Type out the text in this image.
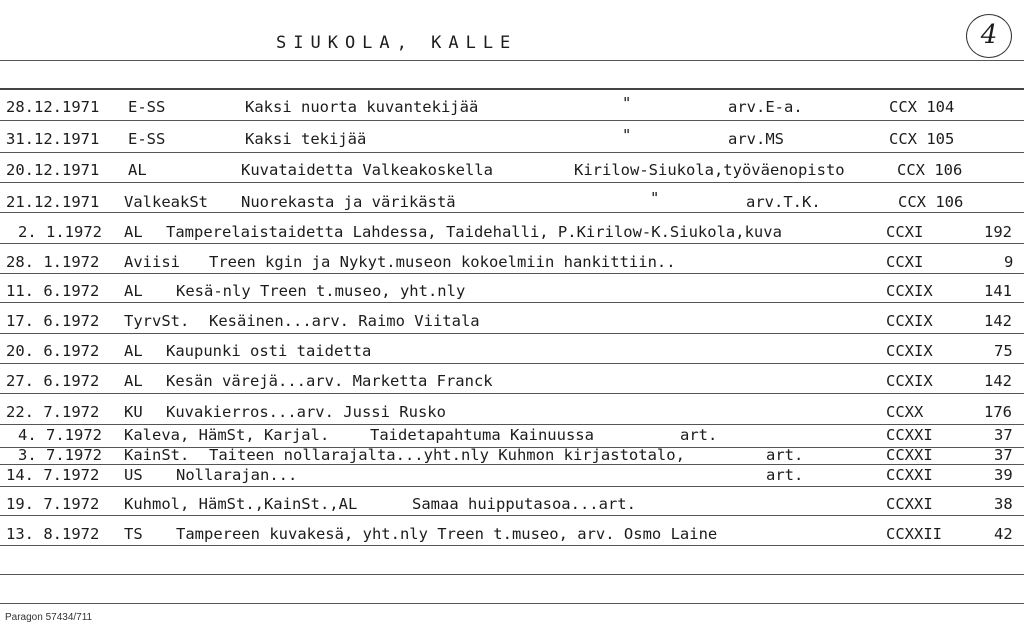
SIUKOLA, KALLE	4
28.12.1971 E-SS	Kaksi nuorta kuvantekijää	"	arv.E-a.	CCX 104
31.12.1971 E-SS	Kaksi tekijää	"	arv.MS	CCX 105
20.12.1971 AL	Kuvataidetta Valkeakoskella	Kirilow-Siukola,työväenopisto	CCX 106
21.12.1971 ValkeakSt Nuorekasta ja värikästä	"	arv.T.K.	CCX 106
2. 1.1972 AL Tamperelaistaidetta Lahdessa, Taidehalli, P.Kirilow-K.Siukola,kuva	CCXI	192
28. 1.1972 Aviisi Treen kgin ja Nykyt.museon kokoelmiin hankittiin..	CCXI	9
11. 6.1972 AL Kesä-nly Treen t.museo, yht.nly	CCXIX	141
17. 6.1972 TyrvSt. Kesäinen...arv. Raimo Viitala	CCXIX	142
20. 6.1972 AL Kaupunki osti taidetta	CCXIX	75
27. 6.1972 AL Kesän värejä...arv. Marketta Franck	CCXIX	142
22. 7.1972 KU Kuvakierros...arv. Jussi Rusko	CCXX	176
4. 7.1972 Kaleva, HämSt, Karjal.	Taidetapahtuma Kainuussa	art.	CCXXI	37
3. 7.1972 KainSt. Taiteen nollarajalta...yht.nly Kuhmon kirjastotalo,	art.	CCXXI	37
14. 7.1972 US Nollarajan...	art.	CCXXI	39
19. 7.1972 Kuhmol, HämSt.,KainSt.,AL	Samaa huipputasoa...art.	CCXXI	38
13. 8.1972 TS Tampereen kuvakesä, yht.nly Treen t.museo, arv. Osmo Laine	CCXXII	42
Paragon 57434/711
